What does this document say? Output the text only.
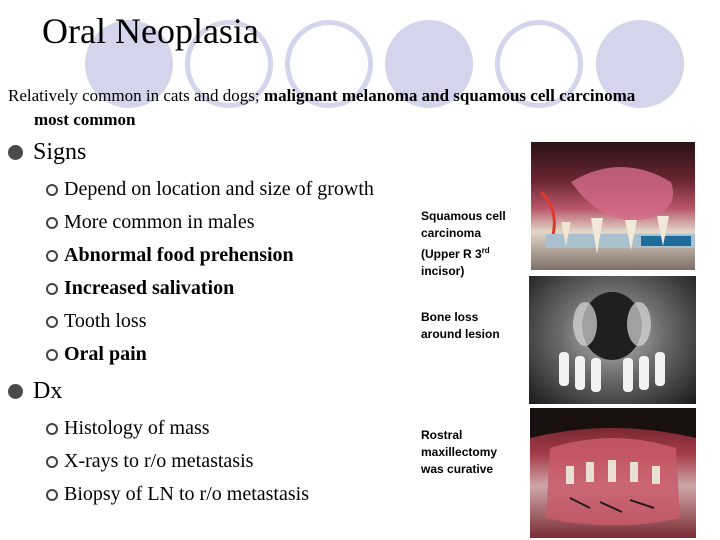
Oral Neoplasia
Relatively common in cats and dogs; malignant melanoma and squamous cell carcinoma most common
Signs
Depend on location and size of growth
More common in males
Abnormal food prehension
Increased salivation
Tooth loss
Oral pain
Dx
Histology of mass
X-rays to r/o metastasis
Biopsy of LN to r/o metastasis
Squamous cell
carcinoma
(Upper R 3rd
incisor)
Bone loss
around lesion
Rostral
maxillectomy
was curative
